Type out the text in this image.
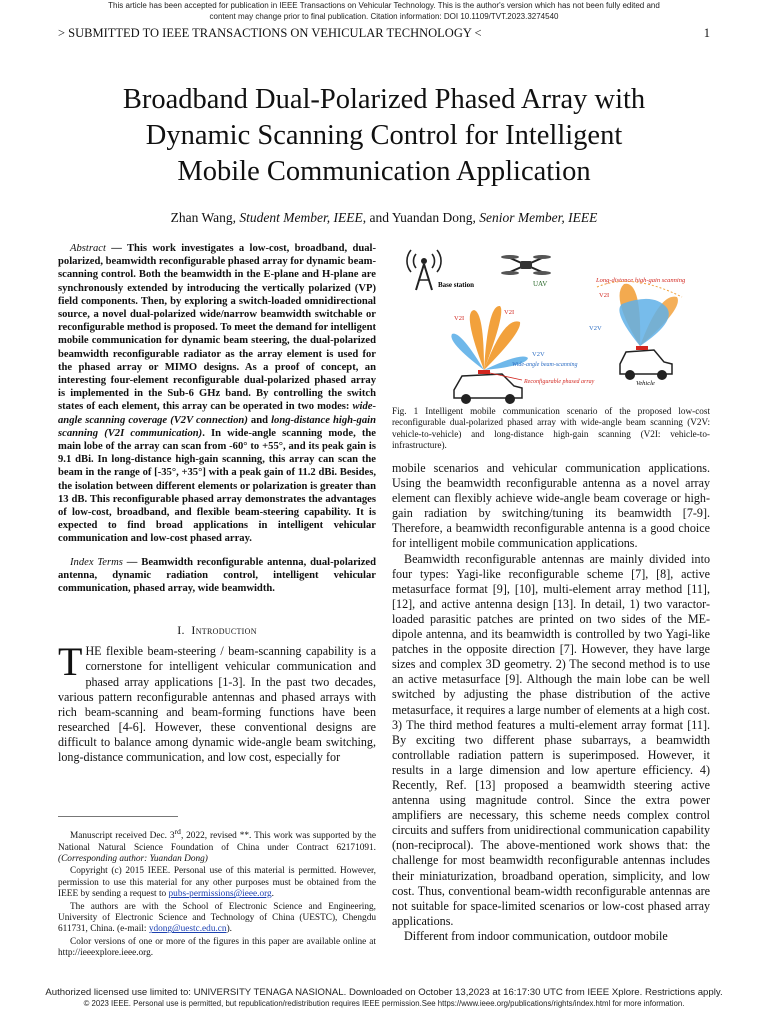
This article has been accepted for publication in IEEE Transactions on Vehicular Technology. This is the author's version which has not been fully edited and
content may change prior to final publication. Citation information: DOI 10.1109/TVT.2023.3274540
> SUBMITTED TO IEEE TRANSACTIONS ON VEHICULAR TECHNOLOGY <	1
Broadband Dual-Polarized Phased Array with
Dynamic Scanning Control for Intelligent
Mobile Communication Application
Zhan Wang, Student Member, IEEE, and Yuandan Dong, Senior Member, IEEE
Abstract — This work investigates a low-cost, broadband, dual-polarized, beamwidth reconfigurable phased array for dynamic beam-scanning control. Both the beamwidth in the E-plane and H-plane are synchronously extended by introducing the vertically polarized (VP) field components. Then, by exploring a switch-loaded omnidirectional source, a novel dual-polarized wide/narrow beamwidth switchable or reconfigurable method is proposed. To meet the demand for intelligent mobile communication for dynamic beam steering, the dual-polarized beamwidth reconfigurable radiator as the array element is used for the phased array or MIMO designs. As a proof of concept, an interesting four-element reconfigurable dual-polarized phased array is implemented in the Sub-6 GHz band. By controlling the switch states of each element, this array can be operated in two modes: wide-angle scanning coverage (V2V connection) and long-distance high-gain scanning (V2I communication). In wide-angle scanning mode, the main lobe of the array can scan from -60° to +55°, and its peak gain is 9.1 dBi. In long-distance high-gain scanning, this array can scan the beam in the range of [-35°, +35°] with a peak gain of 11.2 dBi. Besides, the isolation between different elements or polarization is greater than 13 dB. This reconfigurable phased array demonstrates the advantages of low-cost, broadband, and flexible beam-steering capability. It is expected to find broad applications in intelligent vehicular communication and low-cost phased array.
Index Terms — Beamwidth reconfigurable antenna, dual-polarized antenna, dynamic radiation control, intelligent vehicular communication, phased array, wide beamwidth.
I. Introduction
THE flexible beam-steering / beam-scanning capability is a cornerstone for intelligent vehicular communication and phased array applications [1-3]. In the past two decades, various pattern reconfigurable antennas and phased arrays with rich beam-scanning and beam-forming functions have been researched [4-6]. However, these conventional designs are difficult to balance among dynamic wide-angle beam switching, long-distance communication, and low cost, especially for

Manuscript received Dec. 3rd, 2022, revised **. This work was supported by the National Natural Science Foundation of China under Contract 62171091. (Corresponding author: Yuandan Dong)

Copyright (c) 2015 IEEE. Personal use of this material is permitted. However, permission to use this material for any other purposes must be obtained from the IEEE by sending a request to pubs-permissions@ieee.org.

The authors are with the School of Electronic Science and Engineering, University of Electronic Science and Technology of China (UESTC), Chengdu 611731, China. (e-mail: ydong@uestc.edu.cn).

Color versions of one or more of the figures in this paper are available online at http://ieeexplore.ieee.org.

Base station	UAV	Long-distance high-gain scanning
V2I
V2V
Vehicle
V2I
V2I
V2V
Wide-angle beam-scanning
Reconfigurable phased array
Fig. 1 Intelligent mobile communication scenario of the proposed low-cost reconfigurable dual-polarized phased array with wide-angle beam scanning (V2V: vehicle-to-vehicle) and long-distance high-gain scanning (V2I: vehicle-to-infrastructure).

mobile scenarios and vehicular communication applications. Using the beamwidth reconfigurable antenna as a novel array element can flexibly achieve wide-angle beam coverage or high-gain radiation by switching/tuning its beamwidth [7-9]. Therefore, a beamwidth reconfigurable antenna is a good choice for intelligent mobile communication applications.

Beamwidth reconfigurable antennas are mainly divided into four types: Yagi-like reconfigurable scheme [7], [8], active metasurface format [9], [10], multi-element array method [11], [12], and active antenna design [13]. In detail, 1) two varactor-loaded parasitic patches are printed on two sides of the ME-dipole antenna, and its beamwidth is controlled by two Yagi-like patches in the opposite direction [7]. However, they have large sizes and complex 3D geometry. 2) The second method is to use an active metasurface [9]. Although the main lobe can be well switched by adjusting the phase distribution of the active metasurface, it requires a large number of elements at a high cost. 3) The third method features a multi-element array format [11]. By exciting two different phase subarrays, a beamwidth controllable radiation pattern is superimposed. However, it results in a large dimension and low aperture efficiency. 4) Recently, Ref. [13] proposed a beamwidth steering active antenna using magnitude control. Since the extra power amplifiers are necessary, this scheme needs complex control circuits and suffers from unidirectional communication capability (non-reciprocal). The above-mentioned work shows that: the challenge for most beamwidth reconfigurable antennas includes their miniaturization, broadband operation, simplicity, and low cost. Thus, conventional beam-width reconfigurable antennas are not suitable for space-limited scenarios or low-cost phased array applications.

Different from indoor communication, outdoor mobile

Authorized licensed use limited to: UNIVERSITY TENAGA NASIONAL. Downloaded on October 13,2023 at 16:17:30 UTC from IEEE Xplore. Restrictions apply.
© 2023 IEEE. Personal use is permitted, but republication/redistribution requires IEEE permission.See https://www.ieee.org/publications/rights/index.html for more information.
